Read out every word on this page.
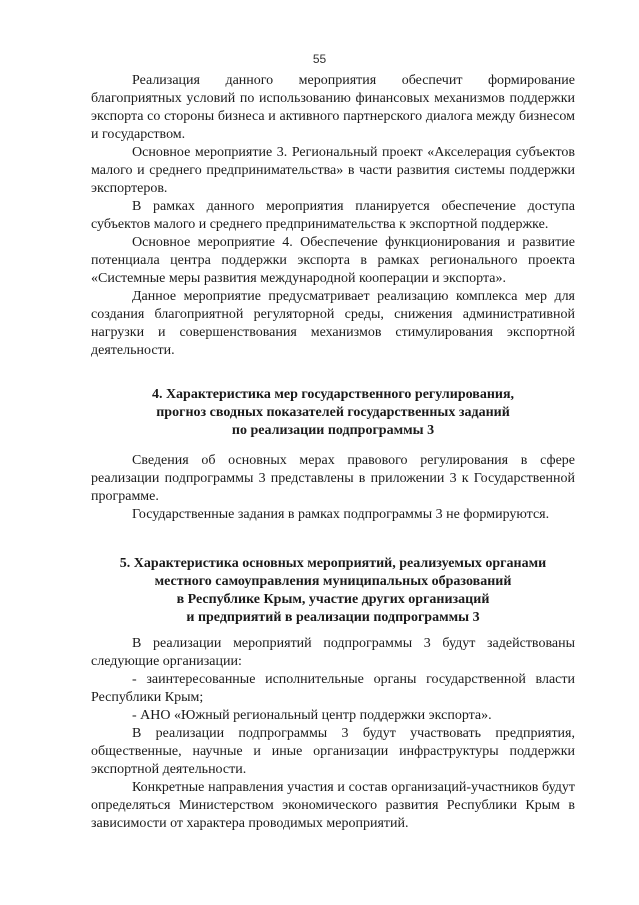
55

Реализация данного мероприятия обеспечит формирование благоприятных условий по использованию финансовых механизмов поддержки экспорта со стороны бизнеса и активного партнерского диалога между бизнесом и государством.

Основное мероприятие 3. Региональный проект «Акселерация субъектов малого и среднего предпринимательства» в части развития системы поддержки экспортеров.

В рамках данного мероприятия планируется обеспечение доступа субъектов малого и среднего предпринимательства к экспортной поддержке.

Основное мероприятие 4. Обеспечение функционирования и развитие потенциала центра поддержки экспорта в рамках регионального проекта «Системные меры развития международной кооперации и экспорта».

Данное мероприятие предусматривает реализацию комплекса мер для создания благоприятной регуляторной среды, снижения административной нагрузки и совершенствования механизмов стимулирования экспортной деятельности.

4. Характеристика мер государственного регулирования,
прогноз сводных показателей государственных заданий
по реализации подпрограммы 3

Сведения об основных мерах правового регулирования в сфере реализации подпрограммы 3 представлены в приложении 3 к Государственной программе.

Государственные задания в рамках подпрограммы 3 не формируются.

5. Характеристика основных мероприятий, реализуемых органами
местного самоуправления муниципальных образований
в Республике Крым, участие других организаций
и предприятий в реализации подпрограммы 3

В реализации мероприятий подпрограммы 3 будут задействованы следующие организации:

- заинтересованные исполнительные органы государственной власти Республики Крым;

- АНО «Южный региональный центр поддержки экспорта».

В реализации подпрограммы 3 будут участвовать предприятия, общественные, научные и иные организации инфраструктуры поддержки экспортной деятельности.

Конкретные направления участия и состав организаций-участников будут определяться Министерством экономического развития Республики Крым в зависимости от характера проводимых мероприятий.
